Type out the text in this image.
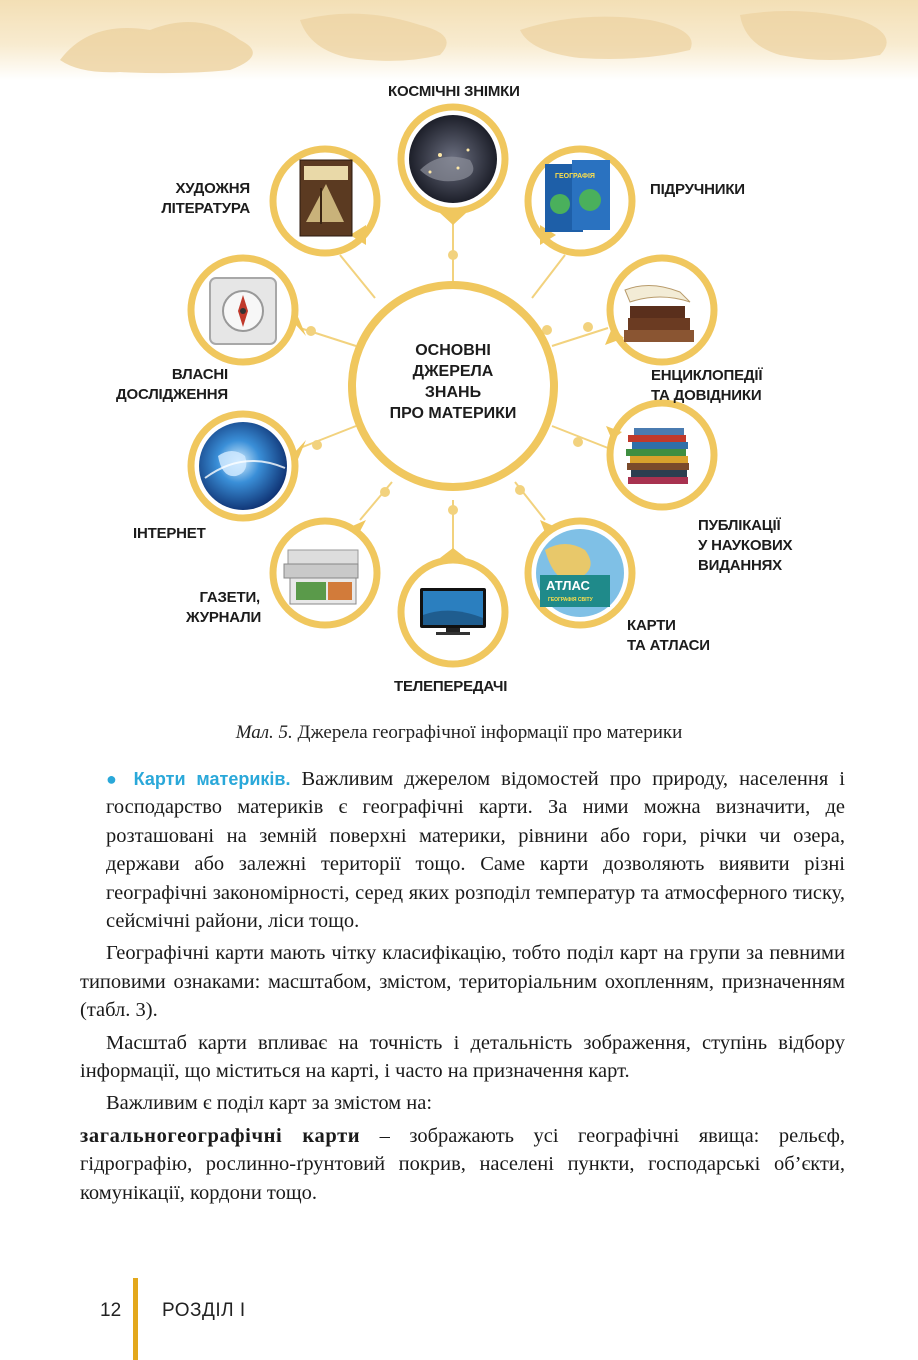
ГЕОГРАФІЯ
АТЛАС
ГЕОГРАФІЯ СВІТУ
КОСМІЧНІ ЗНІМКИ
ПІДРУЧНИКИ
ЕНЦИКЛОПЕДІЇ
ТА ДОВІДНИКИ
ПУБЛІКАЦІЇ
У НАУКОВИХ
ВИДАННЯХ
КАРТИ
ТА АТЛАСИ
ТЕЛЕПЕРЕДАЧІ
ГАЗЕТИ,
ЖУРНАЛИ
ІНТЕРНЕТ
ВЛАСНІ
ДОСЛІДЖЕННЯ
ХУДОЖНЯ
ЛІТЕРАТУРА
ОСНОВНІ
ДЖЕРЕЛА
ЗНАНЬ
ПРО МАТЕРИКИ
Мал. 5. Джерела географічної інформації про материки

● Карти материків. Важливим джерелом відомостей про природу, населення і господарство материків є географічні карти. За ними можна визначити, де розташовані на земній поверхні материки, рівнини або гори, річки чи озера, держави або залежні території тощо. Саме карти дозволяють виявити різні географічні закономірності, серед яких розподіл температур та атмосферного тиску, сейсмічні райони, ліси тощо.

Географічні карти мають чітку класифікацію, тобто поділ карт на групи за певними типовими ознаками: масштабом, змістом, територіальним охопленням, призначенням (табл. 3).

Масштаб карти впливає на точність і детальність зображення, ступінь відбору інформації, що міститься на карті, і часто на призначення карт.

Важливим є поділ карт за змістом на:

загальногеографічні карти – зображають усі географічні явища: рельєф, гідрографію, рослинно-ґрунтовий покрив, населені пункти, господарські об’єкти, комунікації, кордони тощо.

12 РОЗДІЛ І
